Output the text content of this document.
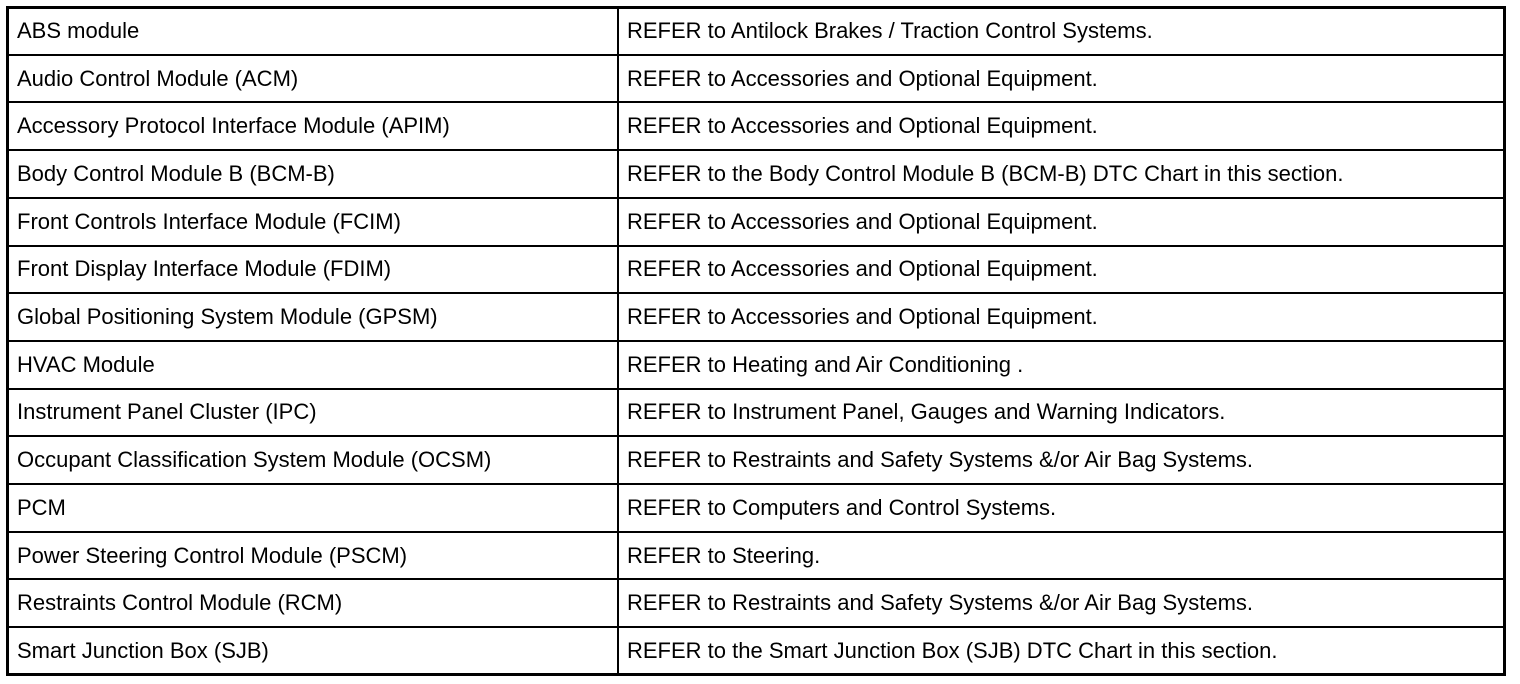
ABS module	REFER to Antilock Brakes / Traction Control Systems.
Audio Control Module (ACM)	REFER to Accessories and Optional Equipment.
Accessory Protocol Interface Module (APIM)	REFER to Accessories and Optional Equipment.
Body Control Module B (BCM-B)	REFER to the Body Control Module B (BCM-B) DTC Chart in this section.
Front Controls Interface Module (FCIM)	REFER to Accessories and Optional Equipment.
Front Display Interface Module (FDIM)	REFER to Accessories and Optional Equipment.
Global Positioning System Module (GPSM)	REFER to Accessories and Optional Equipment.
HVAC Module	REFER to Heating and Air Conditioning .
Instrument Panel Cluster (IPC)	REFER to Instrument Panel, Gauges and Warning Indicators.
Occupant Classification System Module (OCSM)	REFER to Restraints and Safety Systems &/or Air Bag Systems.
PCM	REFER to Computers and Control Systems.
Power Steering Control Module (PSCM)	REFER to Steering.
Restraints Control Module (RCM)	REFER to Restraints and Safety Systems &/or Air Bag Systems.
Smart Junction Box (SJB)	REFER to the Smart Junction Box (SJB) DTC Chart in this section.
